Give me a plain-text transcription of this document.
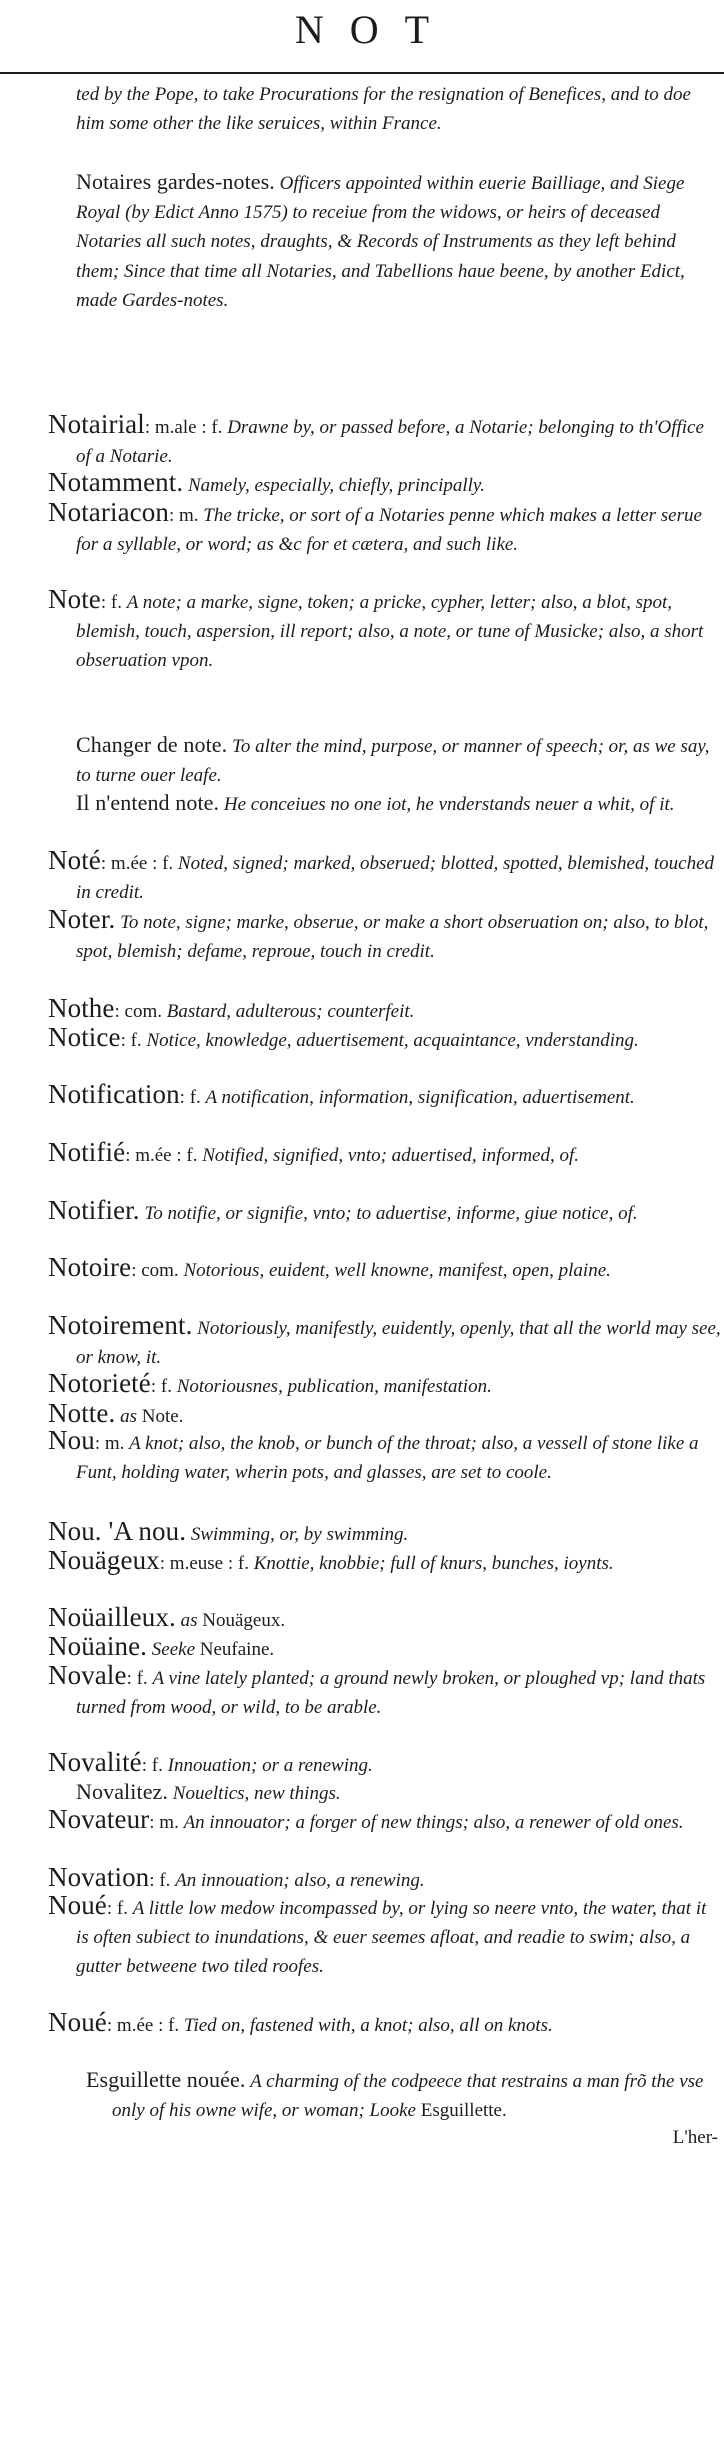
NOT
ted by the Pope, to take Procurations for the resignation of Benefices, and to doe him some other the like seruices, within France.
Notaires gardes-notes. Officers appointed within euerie Bailliage, and Siege Royal (by Edict Anno 1575) to receiue from the widows, or heirs of deceased Notaries all such notes, draughts, & Records of Instruments as they left behind them; Since that time all Notaries, and Tabellions haue beene, by another Edict, made Gardes-notes.
Notairial: m.ale : f. Drawne by, or passed before, a Notarie; belonging to th'Office of a Notarie.
Notamment. Namely, especially, chiefly, principally.
Notariacon: m. The tricke, or sort of a Notaries penne which makes a letter serue for a syllable, or word; as &c for et cætera, and such like.
Note: f. A note; a marke, signe, token; a pricke, cypher, letter; also, a blot, spot, blemish, touch, aspersion, ill report; also, a note, or tune of Musicke; also, a short obseruation vpon.
Changer de note. To alter the mind, purpose, or manner of speech; or, as we say, to turne ouer leafe.
Il n'entend note. He conceiues no one iot, he vnderstands neuer a whit, of it.
Noté: m.ée : f. Noted, signed; marked, obserued; blotted, spotted, blemished, touched in credit.
Noter. To note, signe; marke, obserue, or make a short obseruation on; also, to blot, spot, blemish; defame, reproue, touch in credit.
Nothe: com. Bastard, adulterous; counterfeit.
Notice: f. Notice, knowledge, aduertisement, acquaintance, vnderstanding.
Notification: f. A notification, information, signification, aduertisement.
Notifié: m.ée : f. Notified, signified, vnto; aduertised, informed, of.
Notifier. To notifie, or signifie, vnto; to aduertise, informe, giue notice, of.
Notoire: com. Notorious, euident, well knowne, manifest, open, plaine.
Notoirement. Notoriously, manifestly, euidently, openly, that all the world may see, or know, it.
Notorieté: f. Notoriousnes, publication, manifestation.
Notte. as Note.
Nou: m. A knot; also, the knob, or bunch of the throat; also, a vessell of stone like a Funt, holding water, wherin pots, and glasses, are set to coole.
Nou. 'A nou. Swimming, or, by swimming.
Nouägeux: m.euse : f. Knottie, knobbie; full of knurs, bunches, ioynts.
Noüailleux. as Nouägeux.
Noüaine. Seeke Neufaine.
Novale: f. A vine lately planted; a ground newly broken, or ploughed vp; land thats turned from wood, or wild, to be arable.
Novalité: f. Innouation; or a renewing.
Novalitez. Noueltics, new things.
Novateur: m. An innouator; a forger of new things; also, a renewer of old ones.
Novation: f. An innouation; also, a renewing.
Noué: f. A little low medow incompassed by, or lying so neere vnto, the water, that it is often subiect to inundations, & euer seemes afloat, and readie to swim; also, a gutter betweene two tiled roofes.
Noué: m.ée : f. Tied on, fastened with, a knot; also, all on knots.
Esguillette nouée. A charming of the codpeece that restrains a man frõ the vse only of his owne wife, or woman; Looke Esguillette.
L'her-
